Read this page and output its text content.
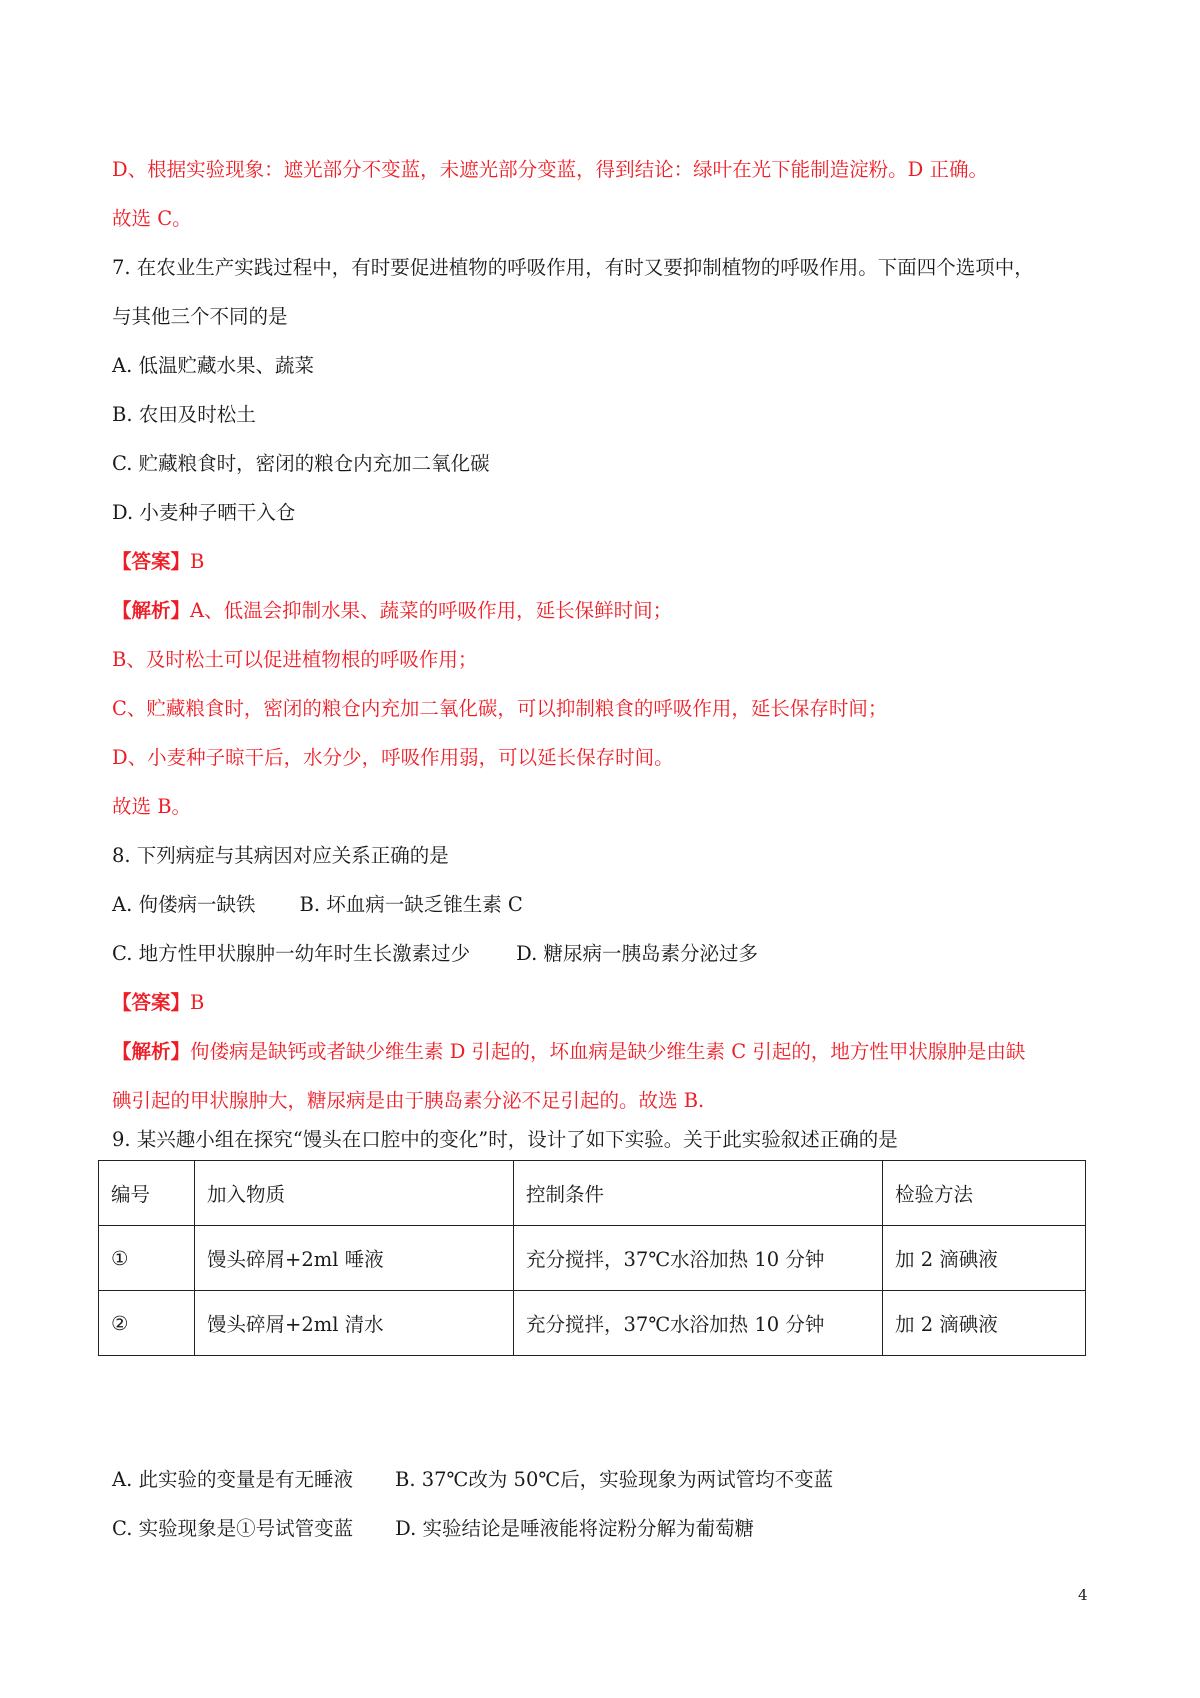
D、根据实验现象：遮光部分不变蓝，未遮光部分变蓝，得到结论：绿叶在光下能制造淀粉。D 正确。
故选 C。
7. 在农业生产实践过程中，有时要促进植物的呼吸作用，有时又要抑制植物的呼吸作用。下面四个选项中，
与其他三个不同的是
A. 低温贮藏水果、蔬菜
B. 农田及时松土
C. 贮藏粮食时，密闭的粮仓内充加二氧化碳
D. 小麦种子晒干入仓
【答案】B
【解析】A、低温会抑制水果、蔬菜的呼吸作用，延长保鲜时间；
B、及时松土可以促进植物根的呼吸作用；
C、贮藏粮食时，密闭的粮仓内充加二氧化碳，可以抑制粮食的呼吸作用，延长保存时间；
D、小麦种子晾干后，水分少，呼吸作用弱，可以延长保存时间。
故选 B。
8. 下列病症与其病因对应关系正确的是
A. 佝偻病一缺铁 B. 坏血病一缺乏锥生素 C
C. 地方性甲状腺肿一幼年时生长激素过少 D. 糖尿病一胰岛素分泌过多
【答案】B
【解析】佝偻病是缺钙或者缺少维生素 D 引起的，坏血病是缺少维生素 C 引起的，地方性甲状腺肿是由缺
碘引起的甲状腺肿大，糖尿病是由于胰岛素分泌不足引起的。故选 B.
9. 某兴趣小组在探究“馒头在口腔中的变化”时，设计了如下实验。关于此实验叙述正确的是
编号	加入物质	控制条件	检验方法
①	馒头碎屑+2ml 唾液	充分搅拌，37℃水浴加热 10 分钟	加 2 滴碘液
②	馒头碎屑+2ml 清水	充分搅拌，37℃水浴加热 10 分钟	加 2 滴碘液
A. 此实验的变量是有无睡液 B. 37℃改为 50℃后，实验现象为两试管均不变蓝
C. 实验现象是①号试管变蓝 D. 实验结论是唾液能将淀粉分解为葡萄糖
4
